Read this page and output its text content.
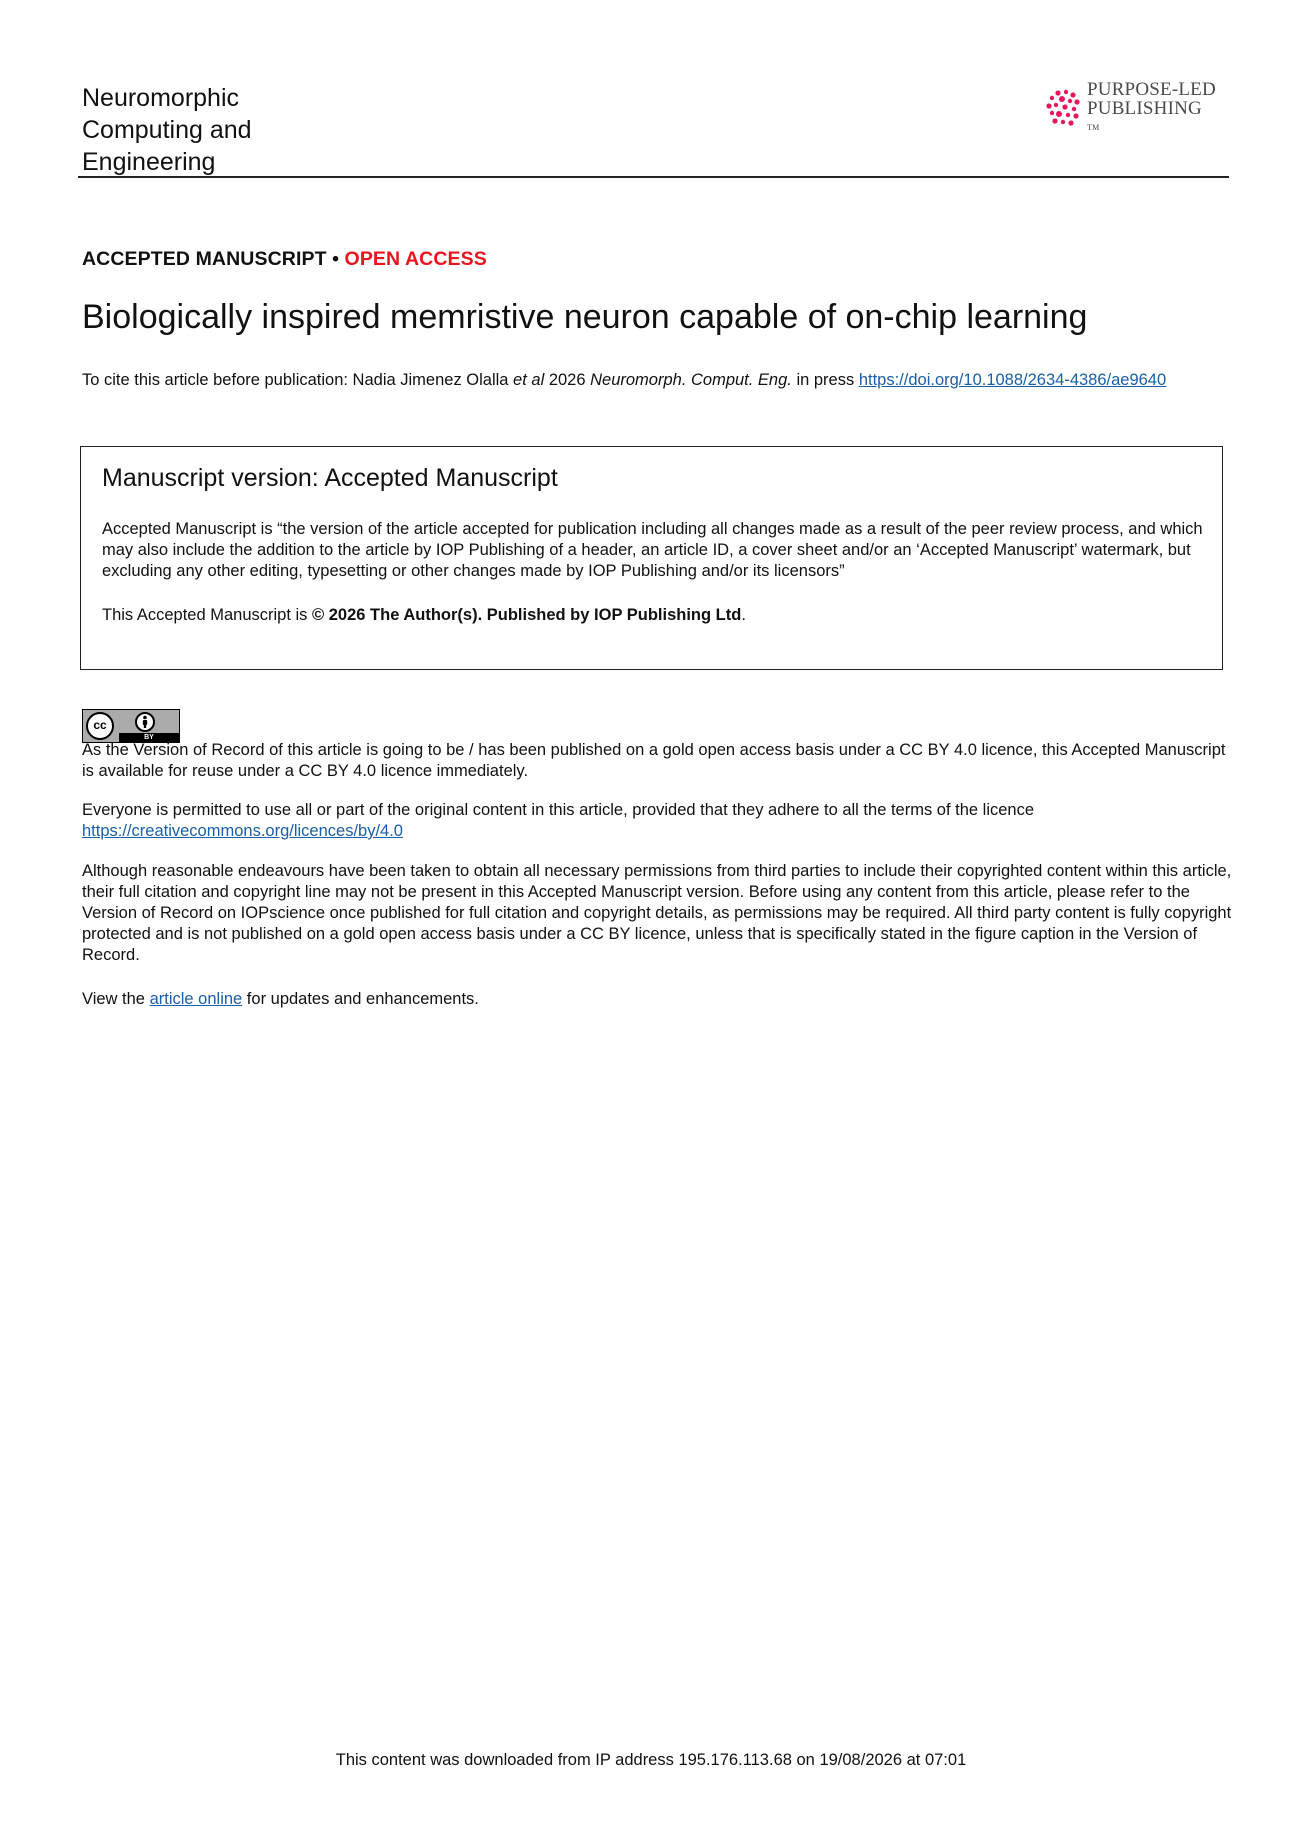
Neuromorphic
Computing and
Engineering
PURPOSE-LED
PUBLISHING
TM
ACCEPTED MANUSCRIPT • OPEN ACCESS
Biologically inspired memristive neuron capable of on-chip learning

To cite this article before publication: Nadia Jimenez Olalla et al 2026 Neuromorph. Comput. Eng. in press https://doi.org/10.1088/2634-4386/ae9640

Manuscript version: Accepted Manuscript

Accepted Manuscript is “the version of the article accepted for publication including all changes made as a result of the peer review process, and which may also include the addition to the article by IOP Publishing of a header, an article ID, a cover sheet and/or an ‘Accepted Manuscript’ watermark, but excluding any other editing, typesetting or other changes made by IOP Publishing and/or its licensors”

This Accepted Manuscript is © 2026 The Author(s). Published by IOP Publishing Ltd.

cc
BY

As the Version of Record of this article is going to be / has been published on a gold open access basis under a CC BY 4.0 licence, this Accepted Manuscript is available for reuse under a CC BY 4.0 licence immediately.

Everyone is permitted to use all or part of the original content in this article, provided that they adhere to all the terms of the licence
https://creativecommons.org/licences/by/4.0

Although reasonable endeavours have been taken to obtain all necessary permissions from third parties to include their copyrighted content within this article, their full citation and copyright line may not be present in this Accepted Manuscript version. Before using any content from this article, please refer to the Version of Record on IOPscience once published for full citation and copyright details, as permissions may be required. All third party content is fully copyright protected and is not published on a gold open access basis under a CC BY licence, unless that is specifically stated in the figure caption in the Version of Record.

View the article online for updates and enhancements.

This content was downloaded from IP address 195.176.113.68 on 19/08/2026 at 07:01
